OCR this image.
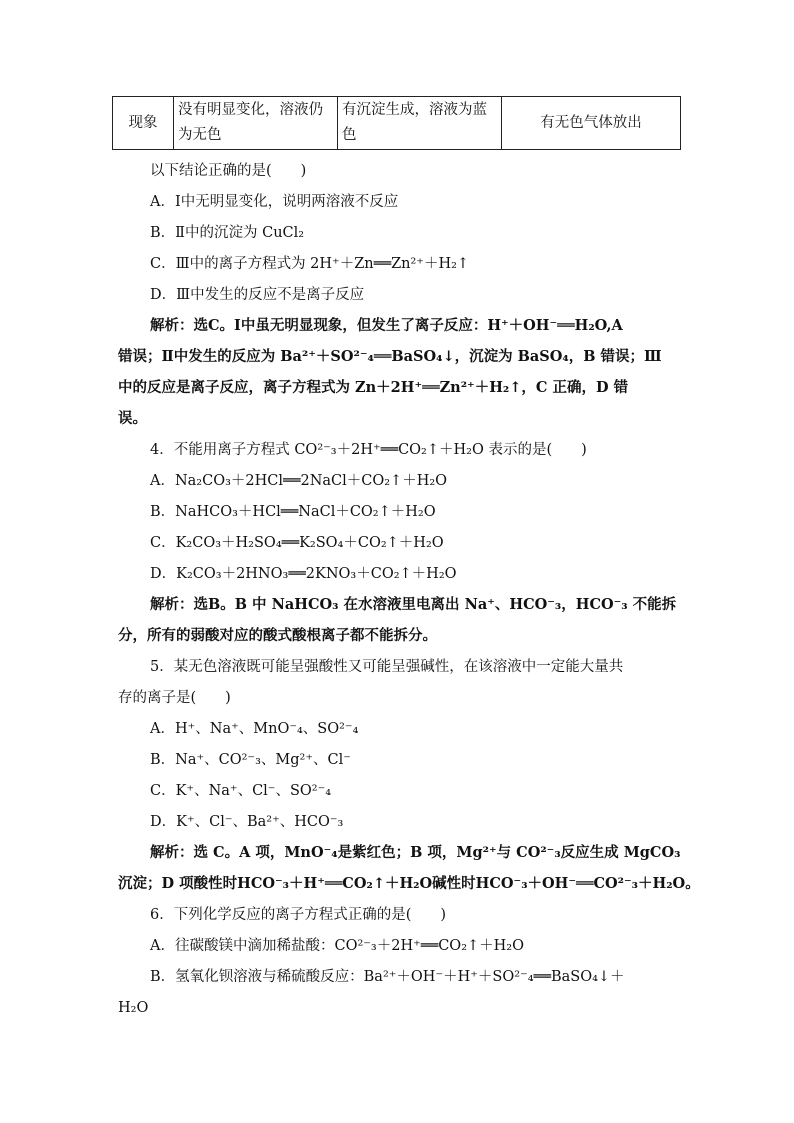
现象	没有明显变化，溶液仍为无色	有沉淀生成，溶液为蓝色	有无色气体放出
以下结论正确的是(　　)
A．Ⅰ中无明显变化，说明两溶液不反应
B．Ⅱ中的沉淀为 CuCl₂
C．Ⅲ中的离子方程式为 2H⁺＋Zn══Zn²⁺＋H₂↑
D．Ⅲ中发生的反应不是离子反应
解析：选C。Ⅰ中虽无明显现象，但发生了离子反应：H⁺＋OH⁻══H₂O,A
错误；Ⅱ中发生的反应为 Ba²⁺＋SO²⁻₄══BaSO₄↓，沉淀为 BaSO₄，B 错误；Ⅲ
中的反应是离子反应，离子方程式为 Zn＋2H⁺══Zn²⁺＋H₂↑，C 正确，D 错
误。
4．不能用离子方程式 CO²⁻₃＋2H⁺══CO₂↑＋H₂O 表示的是(　　)
A．Na₂CO₃＋2HCl══2NaCl＋CO₂↑＋H₂O
B．NaHCO₃＋HCl══NaCl＋CO₂↑＋H₂O
C．K₂CO₃＋H₂SO₄══K₂SO₄＋CO₂↑＋H₂O
D．K₂CO₃＋2HNO₃══2KNO₃＋CO₂↑＋H₂O
解析：选B。B 中 NaHCO₃ 在水溶液里电离出 Na⁺、HCO⁻₃，HCO⁻₃ 不能拆
分，所有的弱酸对应的酸式酸根离子都不能拆分。
5．某无色溶液既可能呈强酸性又可能呈强碱性，在该溶液中一定能大量共
存的离子是(　　)
A．H⁺、Na⁺、MnO⁻₄、SO²⁻₄
B．Na⁺、CO²⁻₃、Mg²⁺、Cl⁻
C．K⁺、Na⁺、Cl⁻、SO²⁻₄
D．K⁺、Cl⁻、Ba²⁺、HCO⁻₃
解析：选 C。A 项，MnO⁻₄是紫红色；B 项，Mg²⁺与 CO²⁻₃反应生成 MgCO₃
沉淀；D 项酸性时HCO⁻₃＋H⁺══CO₂↑＋H₂O碱性时HCO⁻₃＋OH⁻══CO²⁻₃＋H₂O。
6．下列化学反应的离子方程式正确的是(　　)
A．往碳酸镁中滴加稀盐酸：CO²⁻₃＋2H⁺══CO₂↑＋H₂O
B．氢氧化钡溶液与稀硫酸反应：Ba²⁺＋OH⁻＋H⁺＋SO²⁻₄══BaSO₄↓＋
H₂O
